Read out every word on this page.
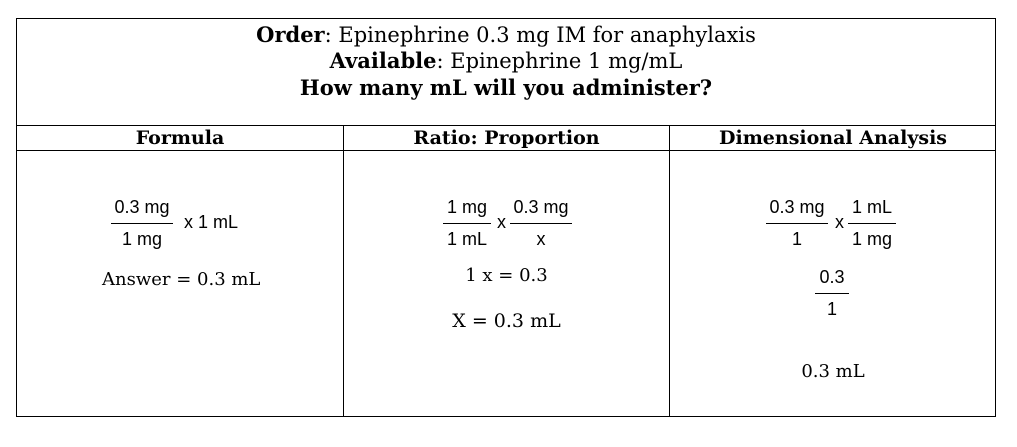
Order: Epinephrine 0.3 mg IM for anaphylaxis
Available: Epinephrine 1 mg/mL
How many mL will you administer?
Formula	Ratio: Proportion	Dimensional Analysis
0.3 mg
1 mg
x 1 mL
Answer = 0.3 mL
1 mg
1 mL
x
0.3 mg
x
1 x = 0.3
X = 0.3 mL
0.3 mg
1
x
1 mL
1 mg
0.3
1
0.3 mL
